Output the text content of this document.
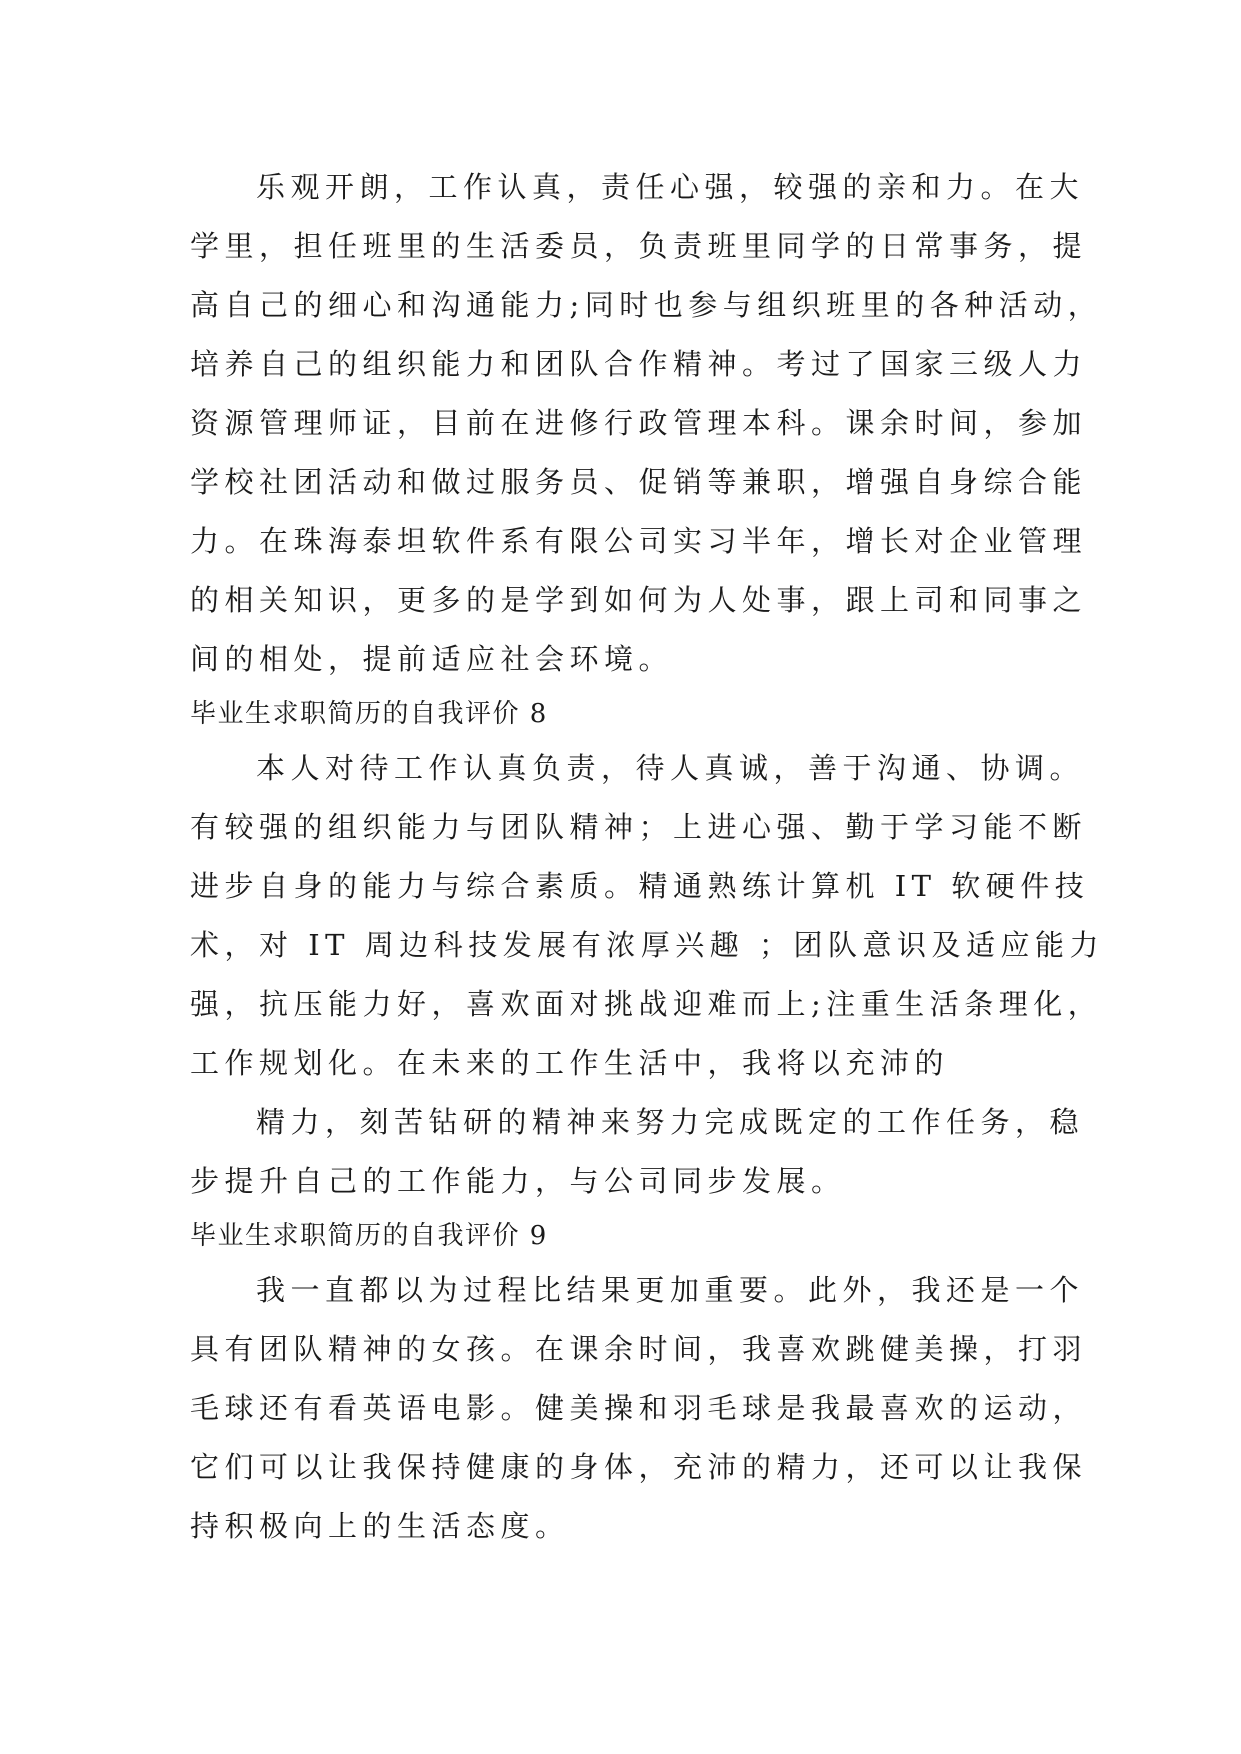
乐观开朗，工作认真，责任心强，较强的亲和力。在大
学里，担任班里的生活委员，负责班里同学的日常事务，提
高自己的细心和沟通能力;同时也参与组织班里的各种活动，
培养自己的组织能力和团队合作精神。考过了国家三级人力
资源管理师证，目前在进修行政管理本科。课余时间，参加
学校社团活动和做过服务员、促销等兼职，增强自身综合能
力。在珠海泰坦软件系有限公司实习半年，增长对企业管理
的相关知识，更多的是学到如何为人处事，跟上司和同事之
间的相处，提前适应社会环境。
毕业生求职简历的自我评价 8
本人对待工作认真负责，待人真诚，善于沟通、协调。
有较强的组织能力与团队精神；上进心强、勤于学习能不断
进步自身的能力与综合素质。精通熟练计算机 IT 软硬件技
术，对 IT 周边科技发展有浓厚兴趣 ；团队意识及适应能力
强，抗压能力好，喜欢面对挑战迎难而上;注重生活条理化，
工作规划化。在未来的工作生活中，我将以充沛的
精力，刻苦钻研的精神来努力完成既定的工作任务，稳
步提升自己的工作能力，与公司同步发展。
毕业生求职简历的自我评价 9
我一直都以为过程比结果更加重要。此外，我还是一个
具有团队精神的女孩。在课余时间，我喜欢跳健美操，打羽
毛球还有看英语电影。健美操和羽毛球是我最喜欢的运动，
它们可以让我保持健康的身体，充沛的精力，还可以让我保
持积极向上的生活态度。
